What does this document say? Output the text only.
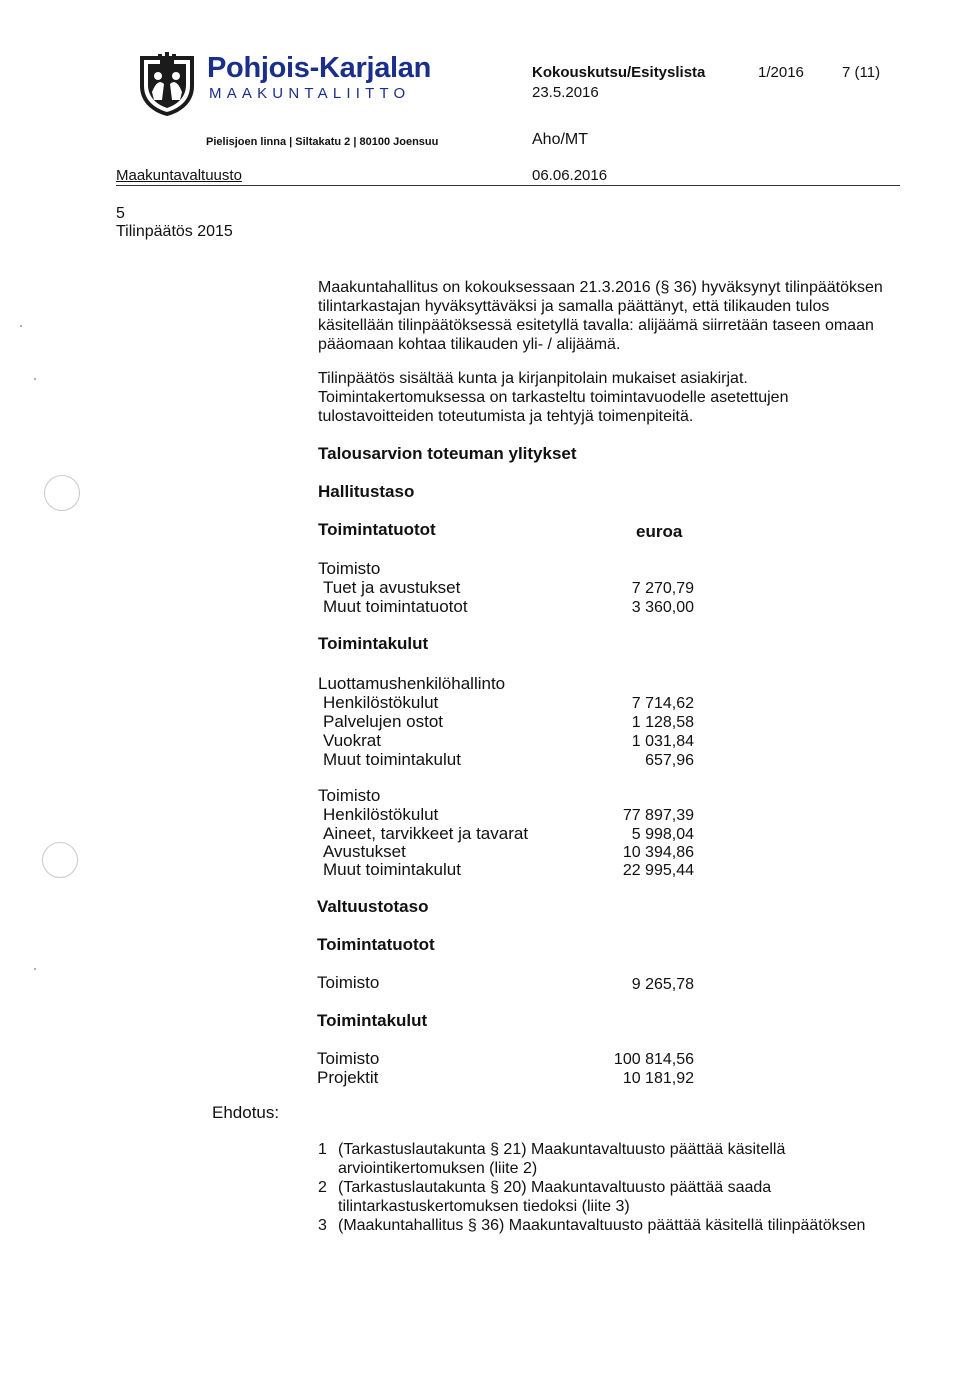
Pohjois-Karjalan
MAAKUNTALIITTO
Kokouskutsu/Esityslista
23.5.2016
1/2016	7 (11)
Pielisjoen linna | Siltakatu 2 | 80100 Joensuu	Aho/MT
Maakuntavaltuusto	06.06.2016
5
Tilinpäätös 2015
Maakuntahallitus on kokouksessaan 21.3.2016 (§ 36) hyväksynyt tilinpäätöksen tilintarkastajan hyväksyttäväksi ja samalla päättänyt, että tilikauden tulos käsitellään tilinpäätöksessä esitetyllä tavalla: alijäämä siirretään taseen omaan pääomaan kohtaa tilikauden yli- / alijäämä.
Tilinpäätös sisältää kunta ja kirjanpitolain mukaiset asiakirjat. Toimintakertomuksessa on tarkasteltu toimintavuodelle asetettujen tulostavoitteiden toteutumista ja tehtyjä toimenpiteitä.
Talousarvion toteuman ylitykset
Hallitustaso
Toimintatuotot	euroa
Toimisto
Tuet ja avustukset	7 270,79
Muut toimintatuotot	3 360,00
Toimintakulut
Luottamushenkilöhallinto
Henkilöstökulut	7 714,62
Palvelujen ostot	1 128,58
Vuokrat	1 031,84
Muut toimintakulut	657,96
Toimisto
Henkilöstökulut	77 897,39
Aineet, tarvikkeet ja tavarat	5 998,04
Avustukset	10 394,86
Muut toimintakulut	22 995,44
Valtuustotaso
Toimintatuotot
Toimisto	9 265,78
Toimintakulut
Toimisto	100 814,56
Projektit	10 181,92
Ehdotus:
1 (Tarkastuslautakunta § 21) Maakuntavaltuusto päättää käsitellä arviointikertomuksen (liite 2)
2 (Tarkastuslautakunta § 20) Maakuntavaltuusto päättää saada tilintarkastuskertomuksen tiedoksi (liite 3)
3 (Maakuntahallitus § 36) Maakuntavaltuusto päättää käsitellä tilinpäätöksen
